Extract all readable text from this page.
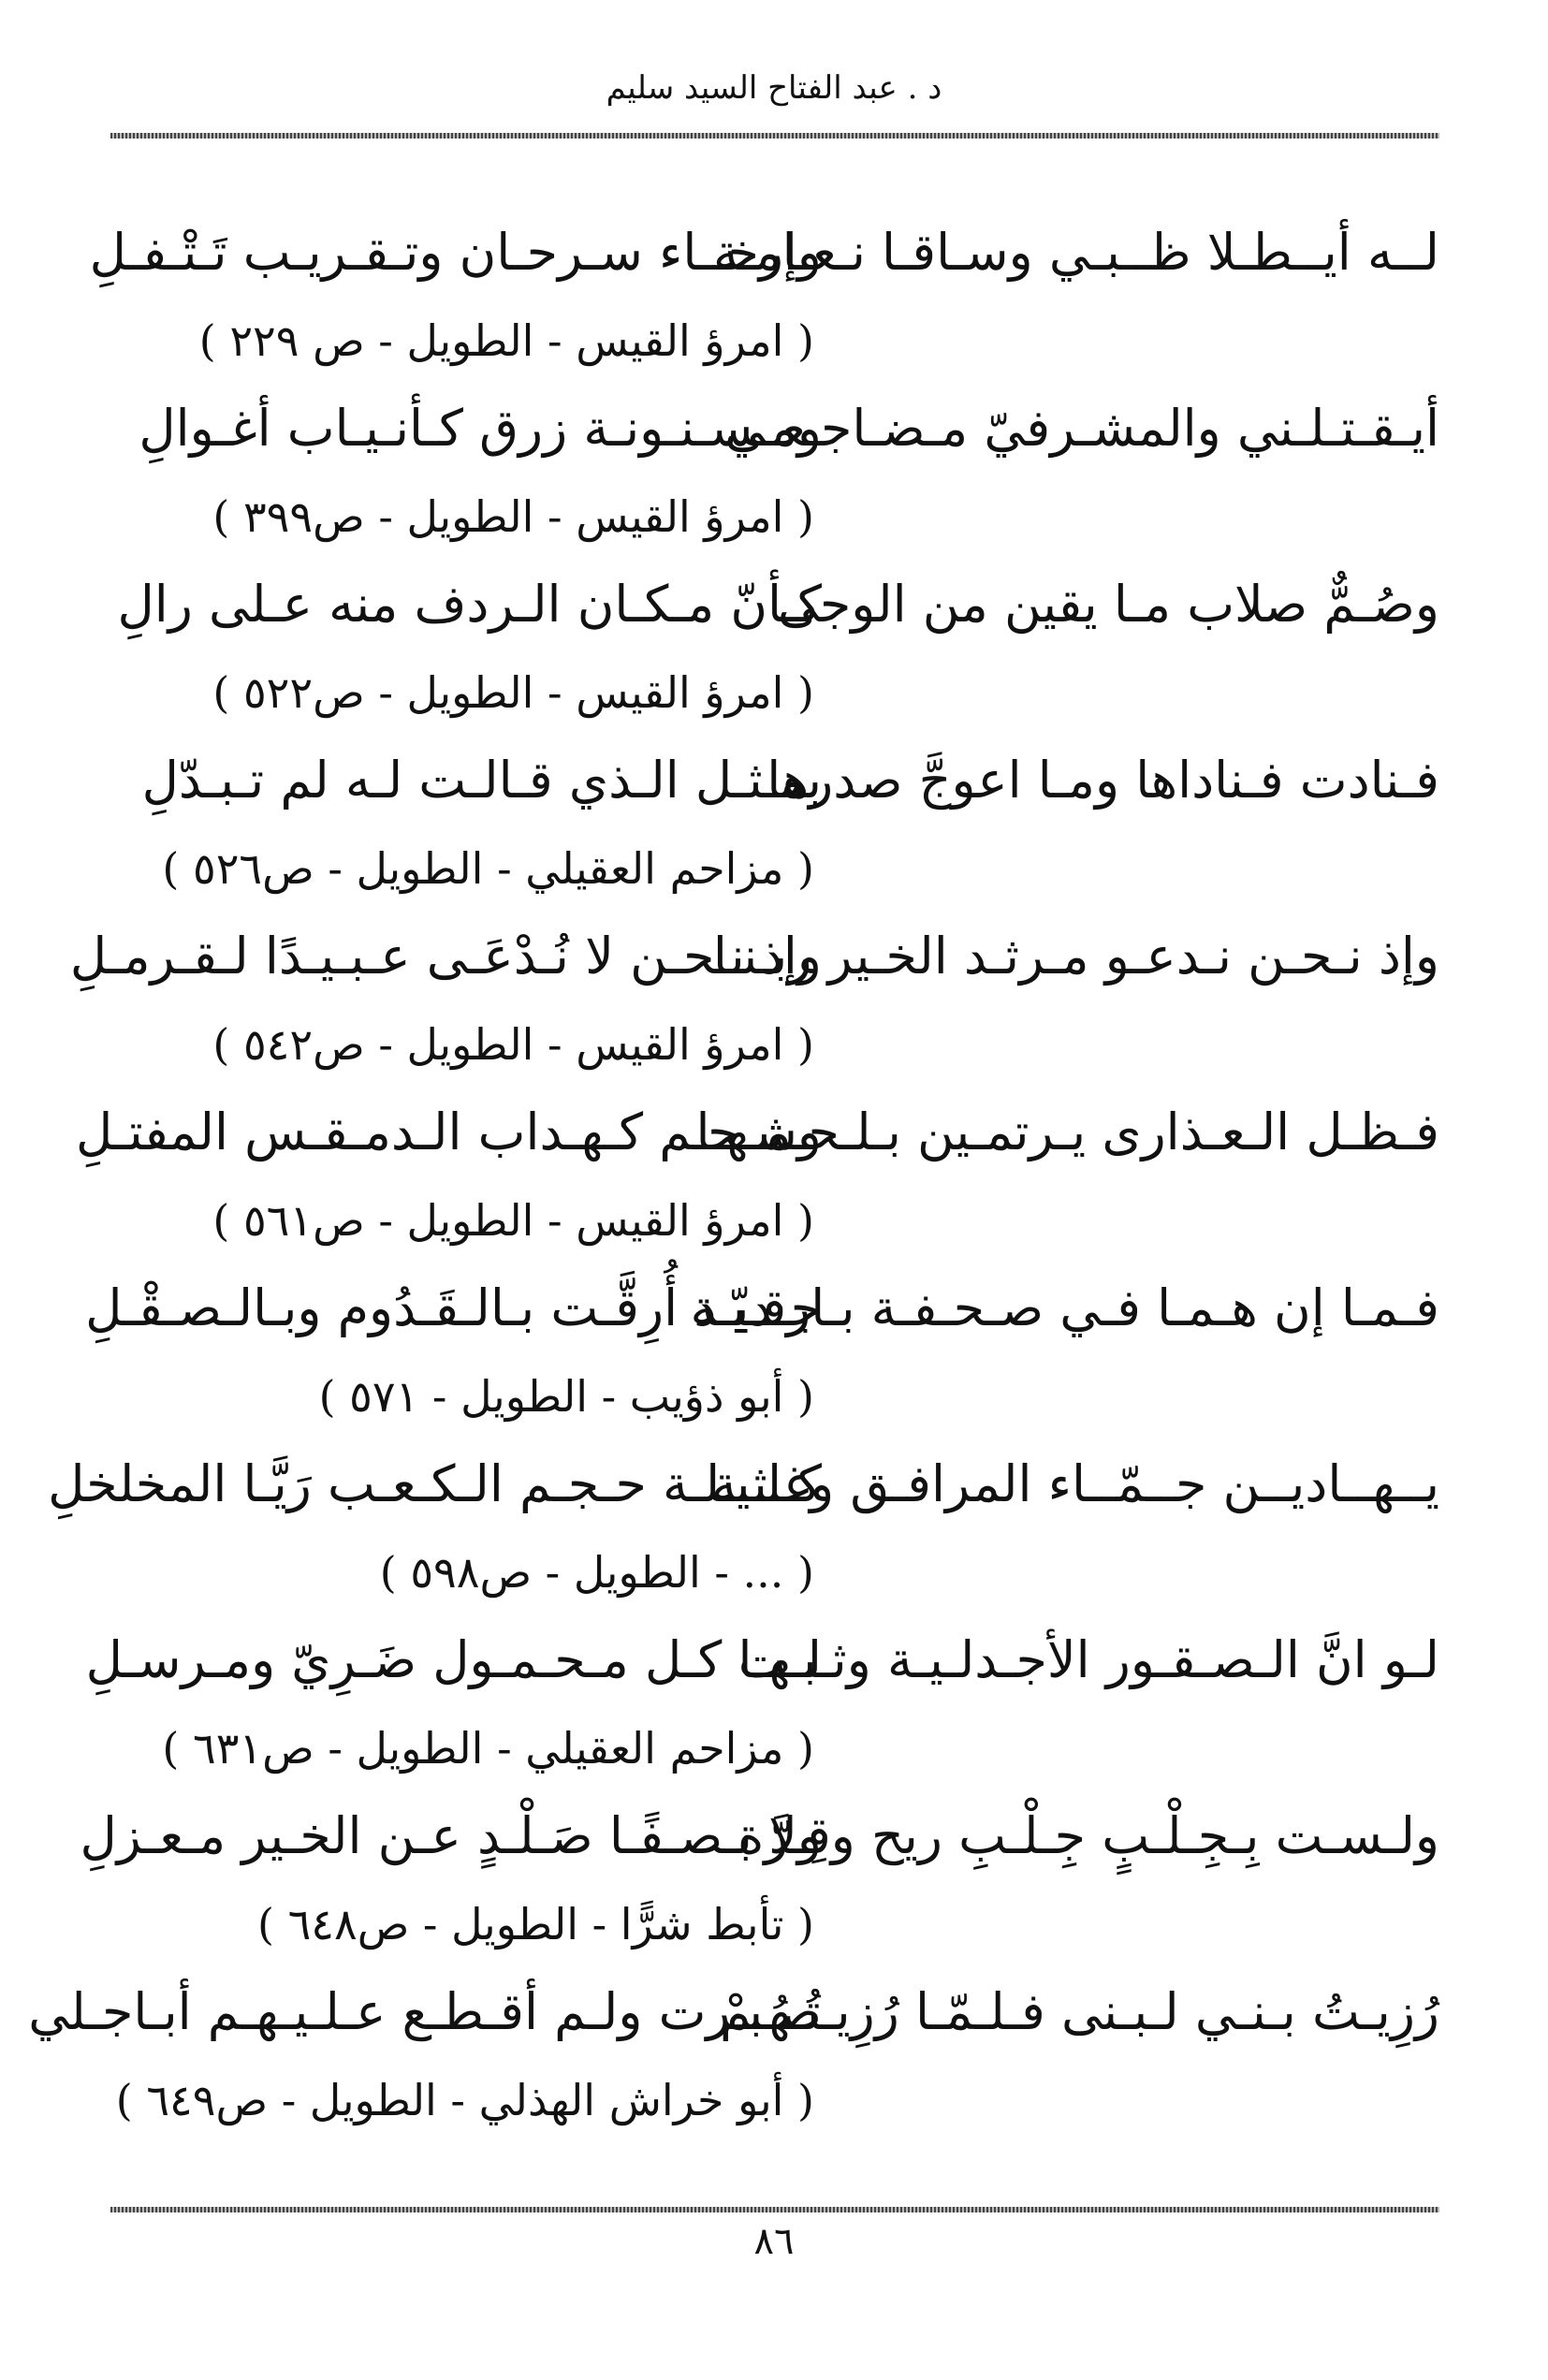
د . عبد الفتاح السيد سليم
لــه أيــطـلا ظــبـي وسـاقـا نـعـامـة
وإرخــاء سـرحـان وتـقـريـب تَـتْـفـلِ
( امرؤ القيس - الطويل - ص ٢٢٩ )
أيـقـتـلـني والمشـرفيّ مـضـاجـعـي
ومـسـنـونـة زرق كـأنـيـاب أغـوالِ
( امرؤ القيس - الطويل - ص٣٩٩ )
وصُـمٌّ صلاب مـا يقين من الوجى
كـأنّ مـكـان الـردف منه عـلى رالِ
( امرؤ القيس - الطويل - ص٥٢٢ )
فـنادت فـناداها ومـا اعوجَّ صدرها
بمـثـل الـذي قـالـت لـه لم تـبـدّلِ
( مزاحم العقيلي - الطويل - ص٥٢٦ )
وإذ نـحـن نـدعـو مـرثـد الخـير ربـنـا
وإذ نـحـن لا نُـدْعَـى عـبـيـدًا لـقـرمـلِ
( امرؤ القيس - الطويل - ص٥٤٢ )
فـظـل الـعـذارى يـرتمـين بـلـحـمـهـا
وشـحـم كـهـداب الـدمـقـس المفتـلِ
( امرؤ القيس - الطويل - ص٥٦١ )
فـمـا إن هـمـا فـي صـحـفـة بـارقـيّـة
جـديـد أُرِقَّـت بـالـقَـدُوم وبـالـصـقْـلِ
( أبو ذؤيب - الطويل - ٥٧١ )
يــهــاديــن جــمّــاء المرافـق وغـثـة
كـلـيـلـة حـجـم الـكـعـب رَيَّـا المخلخلِ
( ... - الطويل - ص٥٩٨ )
لـو انَّ الـصـقـور الأجـدلـيـة وثـبـت
لـهـا كـل مـحـمـول ضَـرِيّ ومـرسـلِ
( مزاحم العقيلي - الطويل - ص٦٣١ )
ولـسـت بِـجِـلْـبٍ جِـلْـبِ ريح وقِـرَّة
ولا بـصـفًـا صَـلْـدٍ عـن الخـير مـعـزلِ
( تأبط شرًّا - الطويل - ص٦٤٨ )
رُزِيـتُ بـنـي لـبـنى فـلـمّـا رُزِيـتُـهُـمْ
صـبـرت ولـم أقـطـع عـلـيـهـم أبـاجـلي
( أبو خراش الهذلي - الطويل - ص٦٤٩ )
٨٦
